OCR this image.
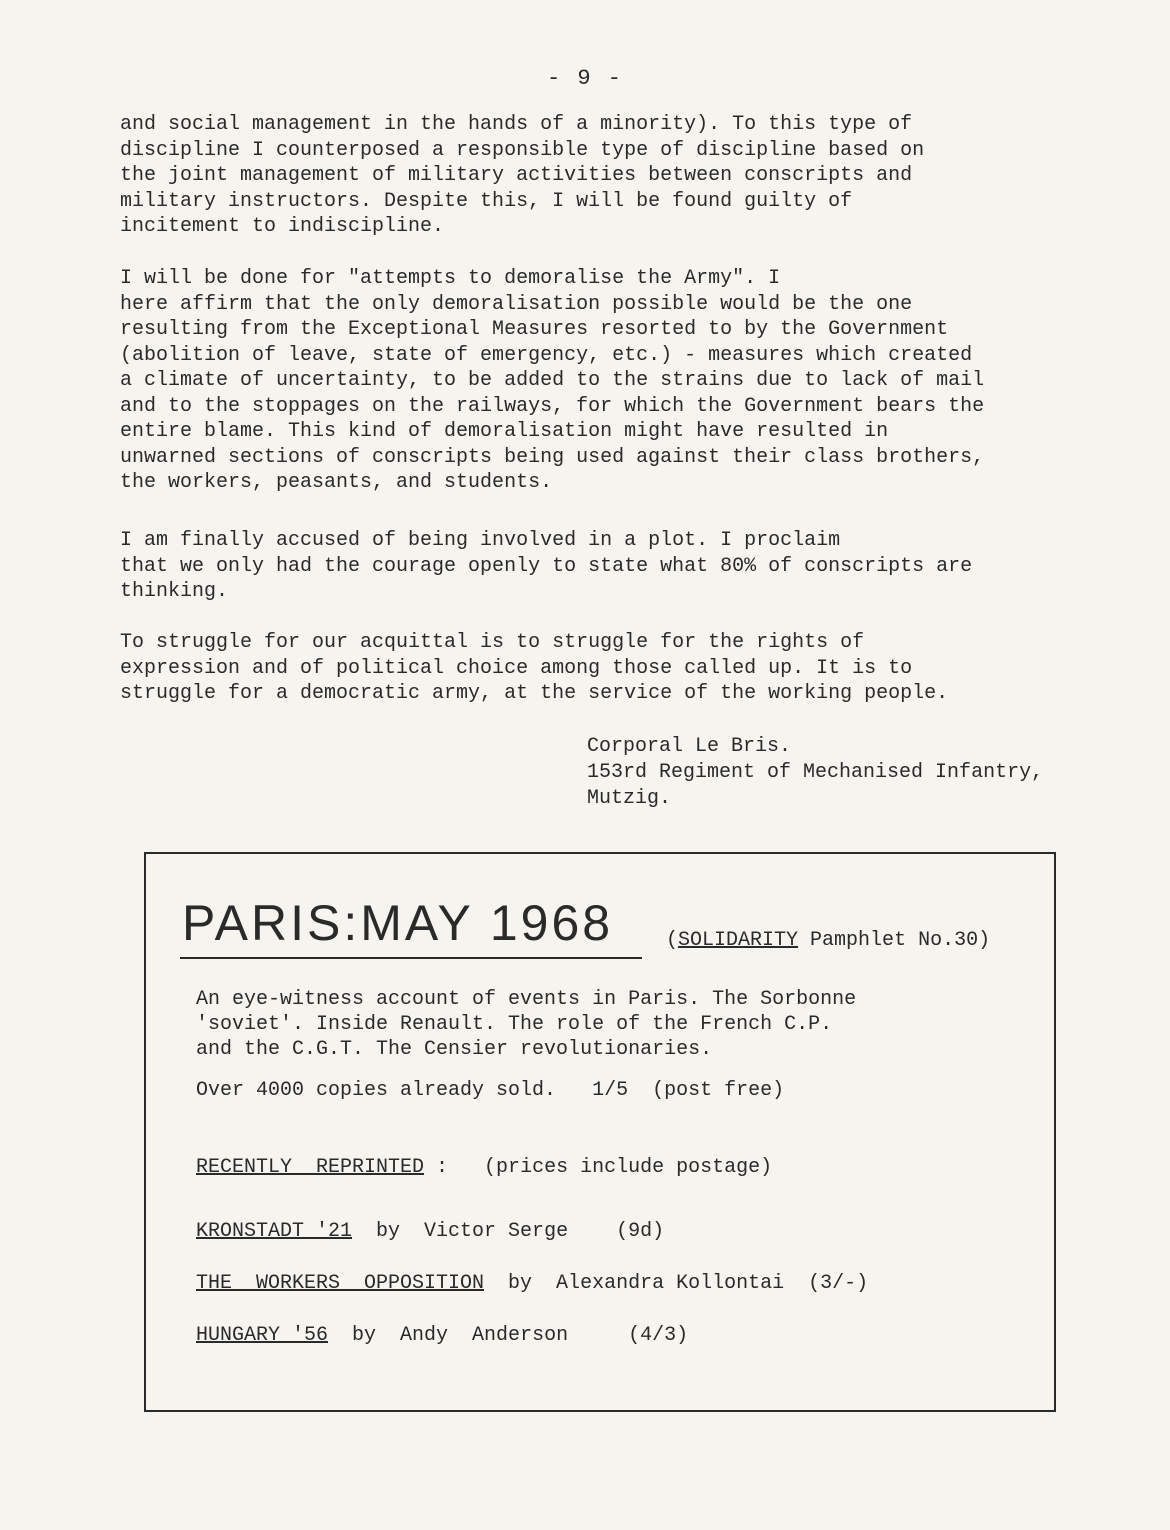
- 9 -
and social management in the hands of a minority). To this type of
discipline I counterposed a responsible type of discipline based on
the joint management of military activities between conscripts and
military instructors. Despite this, I will be found guilty of
incitement to indiscipline.
I will be done for "attempts to demoralise the Army". I
here affirm that the only demoralisation possible would be the one
resulting from the Exceptional Measures resorted to by the Government
(abolition of leave, state of emergency, etc.) - measures which created
a climate of uncertainty, to be added to the strains due to lack of mail
and to the stoppages on the railways, for which the Government bears the
entire blame. This kind of demoralisation might have resulted in
unwarned sections of conscripts being used against their class brothers,
the workers, peasants, and students.
I am finally accused of being involved in a plot. I proclaim
that we only had the courage openly to state what 80% of conscripts are
thinking.
To struggle for our acquittal is to struggle for the rights of
expression and of political choice among those called up. It is to
struggle for a democratic army, at the service of the working people.
Corporal Le Bris.
153rd Regiment of Mechanised Infantry,
Mutzig.
PARIS:MAY 1968	(SOLIDARITY Pamphlet No.30)
An eye-witness account of events in Paris. The Sorbonne
'soviet'. Inside Renault. The role of the French C.P.
and the C.G.T. The Censier revolutionaries.
Over 4000 copies already sold.   1/5  (post free)
RECENTLY  REPRINTED :   (prices include postage)
KRONSTADT '21  by  Victor Serge    (9d)
THE  WORKERS  OPPOSITION  by  Alexandra Kollontai  (3/-)
HUNGARY '56  by  Andy  Anderson     (4/3)
